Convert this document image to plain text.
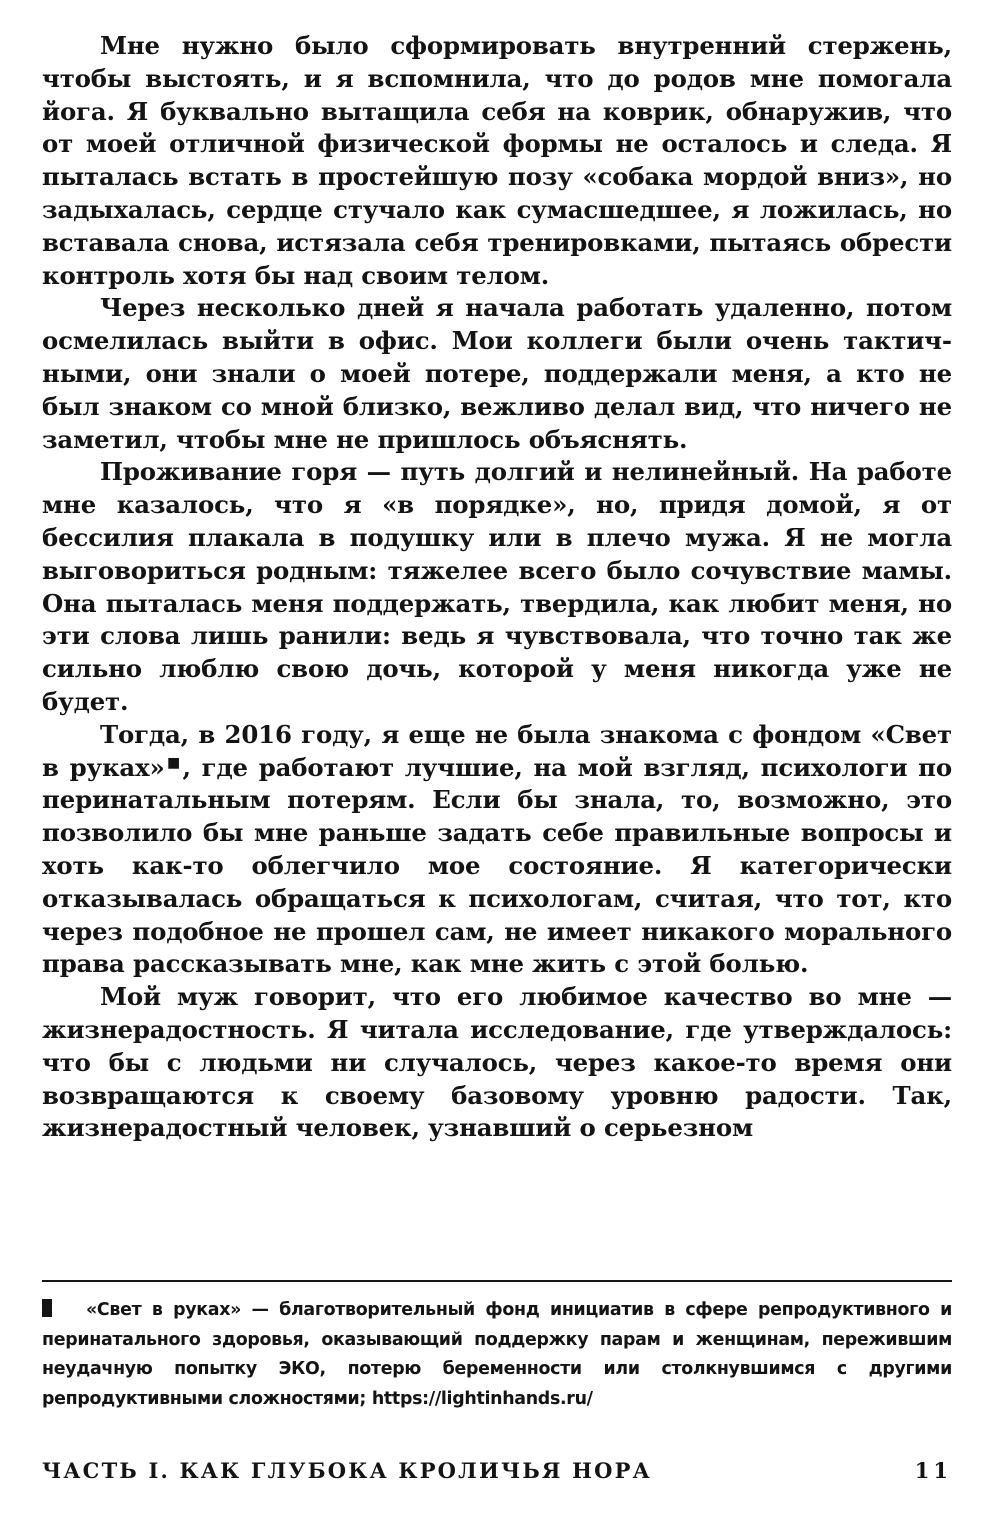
Мне нужно было сформировать внутренний стержень, чтобы выстоять, и я вспомнила, что до родов мне помогала йога. Я буквально вытащила себя на коврик, обнаружив, что от моей отличной физической формы не осталось и следа. Я пыталась встать в простейшую позу «собака мордой вниз», но задыхалась, сердце стучало как сумасшедшее, я ложилась, но вставала снова, истязала себя тренировками, пытаясь обрести контроль хотя бы над своим телом.

Через несколько дней я начала работать удаленно, потом осмелилась выйти в офис. Мои коллеги были очень тактичными, они знали о моей потере, поддержали меня, а кто не был знаком со мной близко, вежливо делал вид, что ничего не заметил, чтобы мне не пришлось объяснять.

Проживание горя — путь долгий и нелинейный. На работе мне казалось, что я «в порядке», но, придя домой, я от бессилия плакала в подушку или в плечо мужа. Я не могла выговориться родным: тяжелее всего было сочувствие мамы. Она пыталась меня поддержать, твердила, как любит меня, но эти слова лишь ранили: ведь я чувствовала, что точно так же сильно люблю свою дочь, которой у меня никогда уже не будет.

Тогда, в 2016 году, я еще не была знакома с фондом «Свет в руках»■, где работают лучшие, на мой взгляд, психологи по перинатальным потерям. Если бы знала, то, возможно, это позволило бы мне раньше задать себе правильные вопросы и хоть как-то облегчило мое состояние. Я категорически отказывалась обращаться к психологам, считая, что тот, кто через подобное не прошел сам, не имеет никакого морального права рассказывать мне, как мне жить с этой болью.

Мой муж говорит, что его любимое качество во мне — жизнерадостность. Я читала исследование, где утверждалось: что бы с людьми ни случалось, через какое-то время они возвращаются к своему базовому уровню радости. Так, жизнерадостный человек, узнавший о серьезном

«Свет в руках» — благотворительный фонд инициатив в сфере репродуктивного и перинатального здоровья, оказывающий поддержку парам и женщинам, пережившим неудачную попытку ЭКО, потерю беременности или столкнувшимся с другими репродуктивными сложностями; https://lightinhands.ru/
ЧАСТЬ I. КАК ГЛУБОКА КРОЛИЧЬЯ НОРА	11
